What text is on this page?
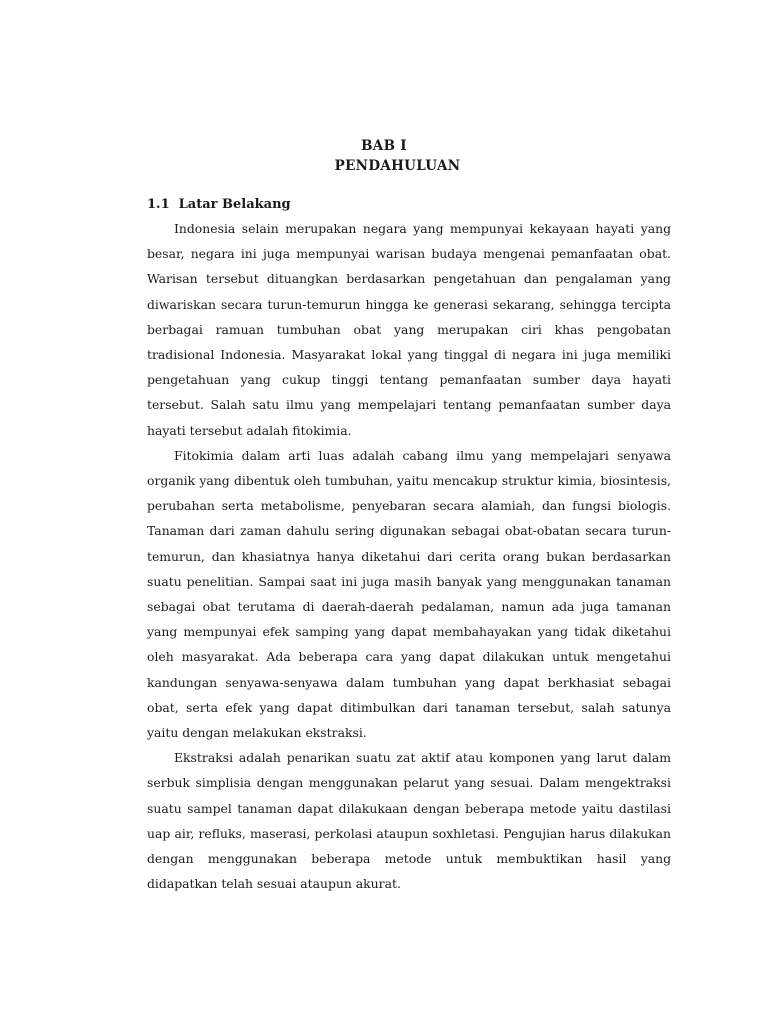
BAB I
PENDAHULUAN
1.1  Latar Belakang

Indonesia selain merupakan negara yang mempunyai kekayaan hayati yang besar, negara ini juga mempunyai warisan budaya mengenai pemanfaatan obat. Warisan tersebut dituangkan berdasarkan pengetahuan dan pengalaman yang diwariskan secara turun-temurun hingga ke generasi sekarang, sehingga tercipta berbagai ramuan tumbuhan obat yang merupakan ciri khas pengobatan tradisional Indonesia. Masyarakat lokal yang tinggal di negara ini juga memiliki pengetahuan yang cukup tinggi tentang pemanfaatan sumber daya hayati tersebut. Salah satu ilmu yang mempelajari tentang pemanfaatan sumber daya hayati tersebut adalah fitokimia.

Fitokimia dalam arti luas adalah cabang ilmu yang mempelajari senyawa organik yang dibentuk oleh tumbuhan, yaitu mencakup struktur kimia, biosintesis, perubahan serta metabolisme, penyebaran secara alamiah, dan fungsi biologis. Tanaman dari zaman dahulu sering digunakan sebagai obat-obatan secara turun-temurun, dan khasiatnya hanya diketahui dari cerita orang bukan berdasarkan suatu penelitian. Sampai saat ini juga masih banyak yang menggunakan tanaman sebagai obat terutama di daerah-daerah pedalaman, namun ada juga tamanan yang mempunyai efek samping yang dapat membahayakan yang tidak diketahui oleh masyarakat. Ada beberapa cara yang dapat dilakukan untuk mengetahui kandungan senyawa-senyawa dalam tumbuhan yang dapat berkhasiat sebagai obat, serta efek yang dapat ditimbulkan dari tanaman tersebut, salah satunya yaitu dengan melakukan ekstraksi.

Ekstraksi adalah penarikan suatu zat aktif atau komponen yang larut dalam serbuk simplisia dengan menggunakan pelarut yang sesuai. Dalam mengektraksi suatu sampel tanaman dapat dilakukaan dengan beberapa metode yaitu dastilasi uap air, refluks, maserasi, perkolasi ataupun soxhletasi. Pengujian harus dilakukan dengan menggunakan beberapa metode untuk membuktikan hasil yang didapatkan telah sesuai ataupun akurat.
